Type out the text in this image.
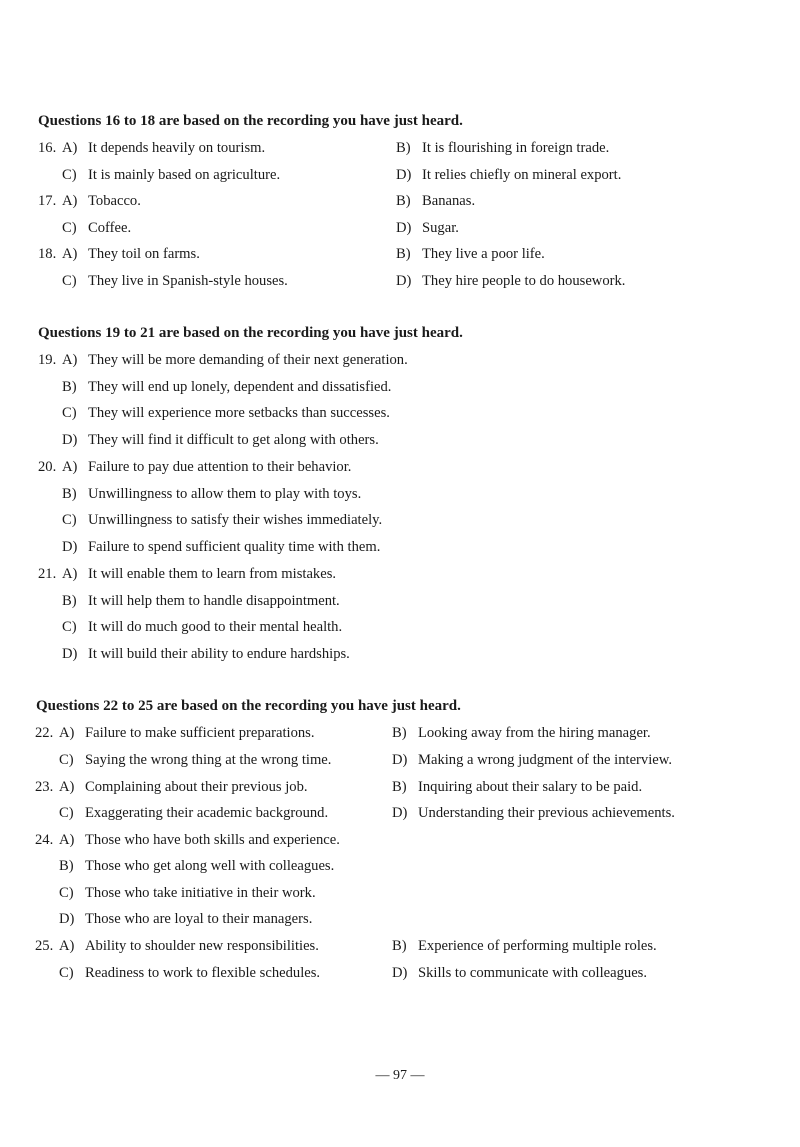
Questions 16 to 18 are based on the recording you have just heard.
16. A) It depends heavily on tourism.	B) It is flourishing in foreign trade.
C) It is mainly based on agriculture.	D) It relies chiefly on mineral export.
17. A) Tobacco.	B) Bananas.
C) Coffee.	D) Sugar.
18. A) They toil on farms.	B) They live a poor life.
C) They live in Spanish-style houses.	D) They hire people to do housework.
Questions 19 to 21 are based on the recording you have just heard.
19. A) They will be more demanding of their next generation.
B) They will end up lonely, dependent and dissatisfied.
C) They will experience more setbacks than successes.
D) They will find it difficult to get along with others.
20. A) Failure to pay due attention to their behavior.
B) Unwillingness to allow them to play with toys.
C) Unwillingness to satisfy their wishes immediately.
D) Failure to spend sufficient quality time with them.
21. A) It will enable them to learn from mistakes.
B) It will help them to handle disappointment.
C) It will do much good to their mental health.
D) It will build their ability to endure hardships.
Questions 22 to 25 are based on the recording you have just heard.
22. A) Failure to make sufficient preparations.	B) Looking away from the hiring manager.
C) Saying the wrong thing at the wrong time.	D) Making a wrong judgment of the interview.
23. A) Complaining about their previous job.	B) Inquiring about their salary to be paid.
C) Exaggerating their academic background.	D) Understanding their previous achievements.
24. A) Those who have both skills and experience.
B) Those who get along well with colleagues.
C) Those who take initiative in their work.
D) Those who are loyal to their managers.
25. A) Ability to shoulder new responsibilities.	B) Experience of performing multiple roles.
C) Readiness to work to flexible schedules.	D) Skills to communicate with colleagues.
— 97 —
